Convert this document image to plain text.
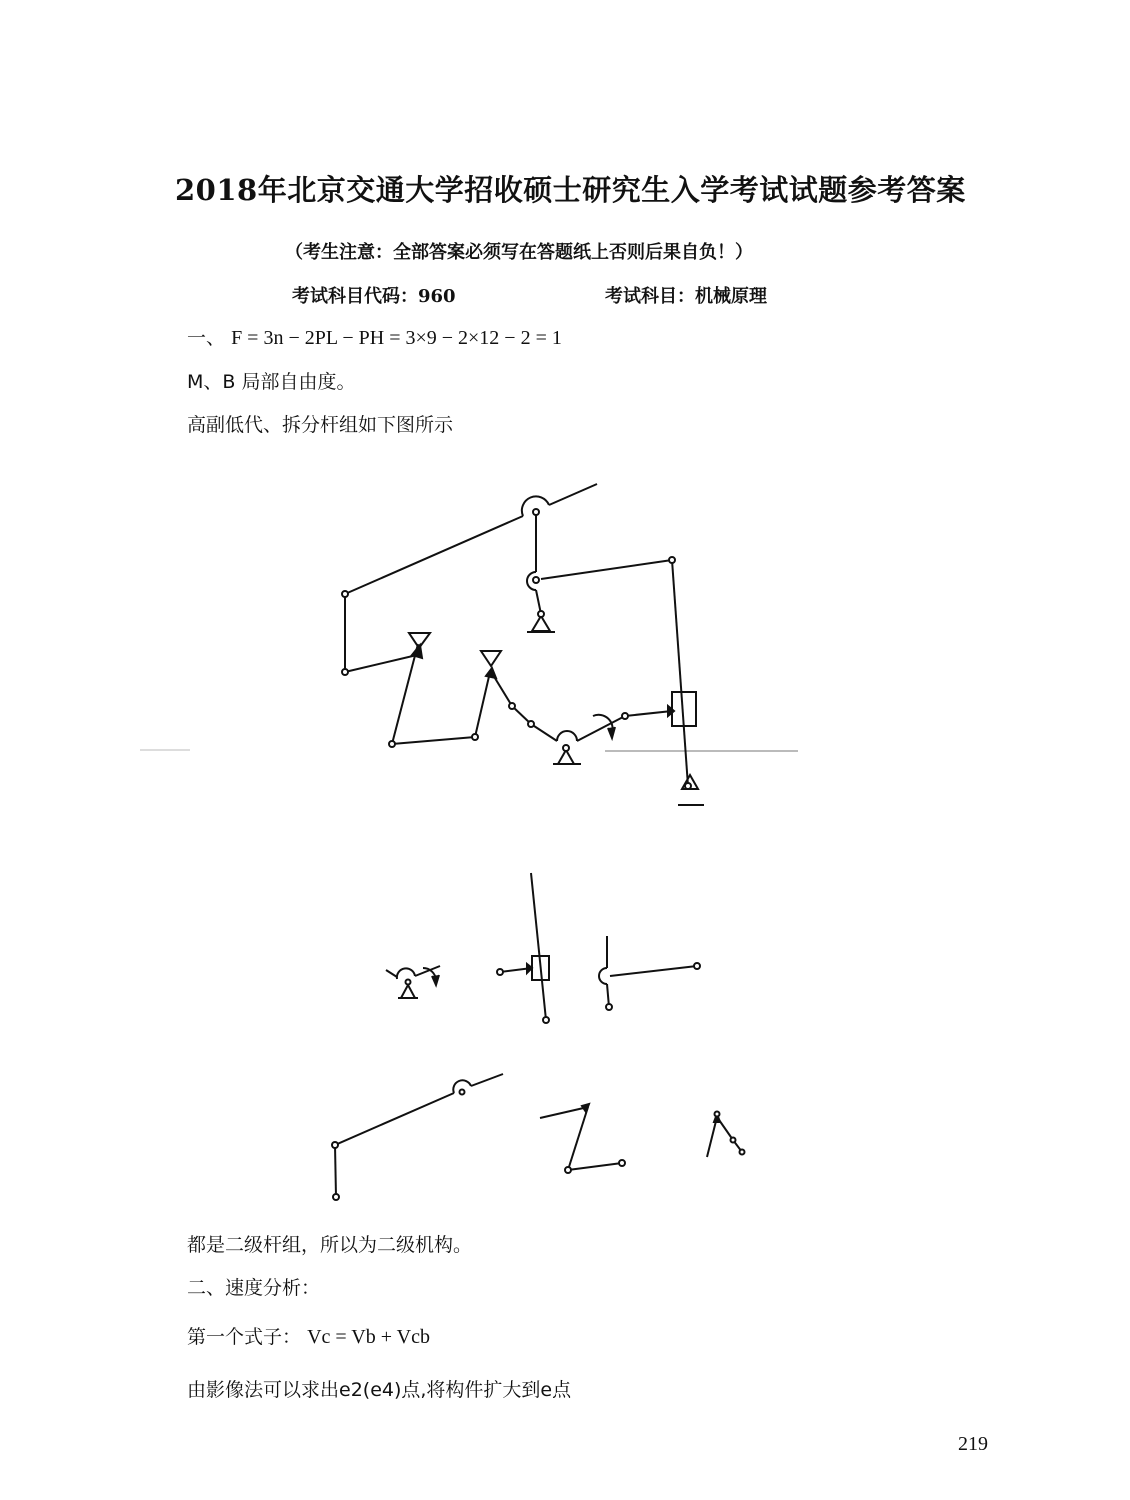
2018年北京交通大学招收硕士研究生入学考试试题参考答案
（考生注意：全部答案必须写在答题纸上否则后果自负！）
考试科目代码：960	考试科目：机械原理
一、 F = 3n − 2PL − PH = 3×9 − 2×12 − 2 = 1
M、B 局部自由度。
高副低代、拆分杆组如下图所示
都是二级杆组，所以为二级机构。
二、速度分析：
第一个式子： Vc = Vb + Vcb
由影像法可以求出e2(e4)点,将构件扩大到e点
219
